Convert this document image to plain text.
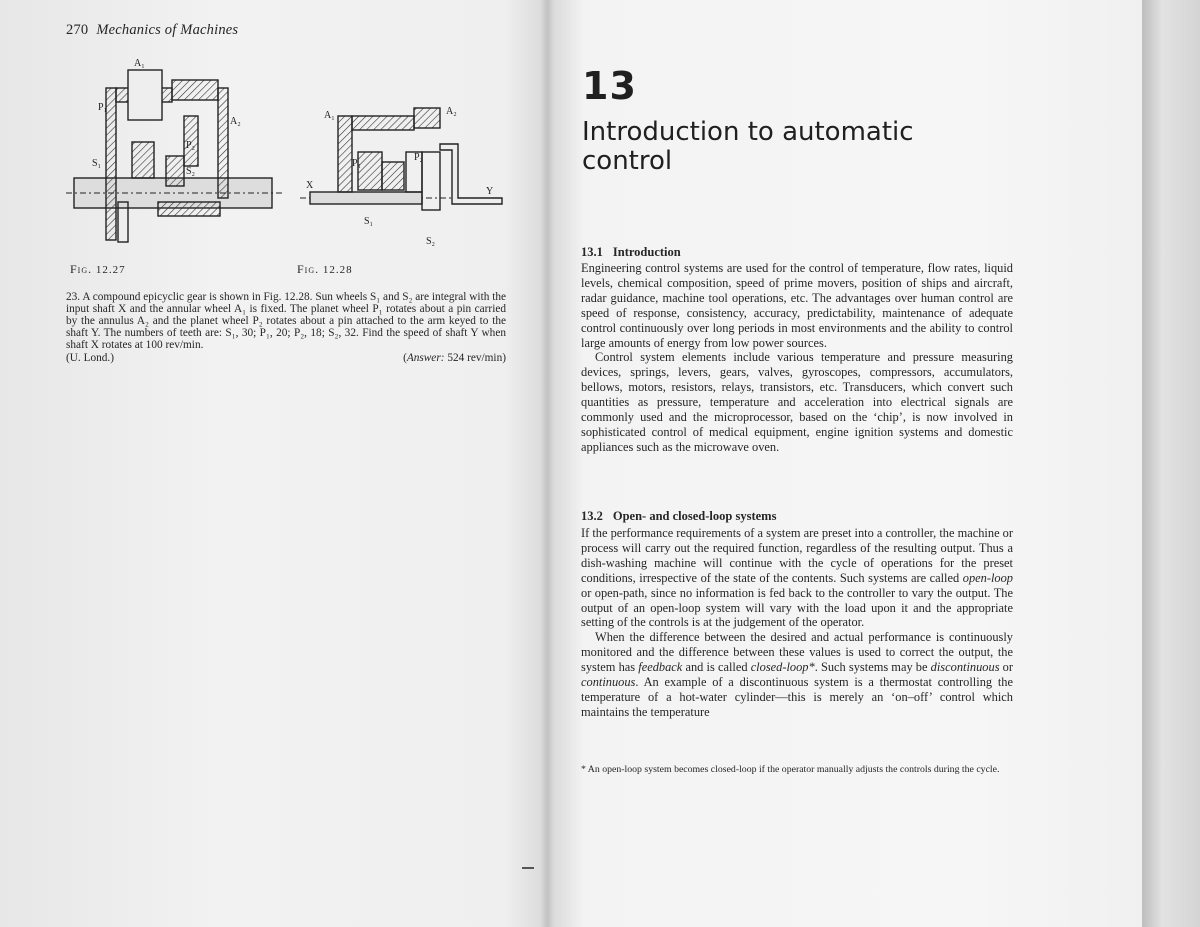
270 Mechanics of Machines
A₁
P₁
A₂
S₁
P₂
S₂
A₁	A₂
P₁
P₂
X
Y
S₁
S₂
Fig. 12.27	Fig. 12.28
23. A compound epicyclic gear is shown in Fig. 12.28. Sun wheels S₁ and S₂ are integral with the input shaft X and the annular wheel A₁ is fixed. The planet wheel P₁ rotates about a pin carried by the annulus A₂ and the planet wheel P₂ rotates about a pin attached to the arm keyed to the shaft Y. The numbers of teeth are: S₁, 30; P₁, 20; P₂, 18; S₂, 32. Find the speed of shaft Y when shaft X rotates at 100 rev/min.
(U. Lond.)	(Answer: 524 rev/min)
13
Introduction to automatic control
13.1 Introduction

Engineering control systems are used for the control of temperature, flow rates, liquid levels, chemical composition, speed of prime movers, position of ships and aircraft, radar guidance, machine tool operations, etc. The advantages over human control are speed of response, consistency, accuracy, predictability, maintenance of adequate control continuously over long periods in most environments and the ability to control large amounts of energy from low power sources.

Control system elements include various temperature and pressure measuring devices, springs, levers, gears, valves, gyroscopes, compressors, accumulators, bellows, motors, resistors, relays, transistors, etc. Transducers, which convert such quantities as pressure, temperature and acceleration into electrical signals are commonly used and the microprocessor, based on the ‘chip’, is now involved in sophisticated control of medical equipment, engine ignition systems and domestic appliances such as the microwave oven.

13.2 Open- and closed-loop systems

If the performance requirements of a system are preset into a controller, the machine or process will carry out the required function, regardless of the resulting output. Thus a dish-washing machine will continue with the cycle of operations for the preset conditions, irrespective of the state of the contents. Such systems are called open-loop or open-path, since no information is fed back to the controller to vary the output. The output of an open-loop system will vary with the load upon it and the appropriate setting of the controls is at the judgement of the operator.

When the difference between the desired and actual performance is continuously monitored and the difference between these values is used to correct the output, the system has feedback and is called closed-loop*. Such systems may be discontinuous or continuous. An example of a discontinuous system is a thermostat controlling the temperature of a hot-water cylinder—this is merely an ‘on–off’ control which maintains the temperature

* An open-loop system becomes closed-loop if the operator manually adjusts the controls during the cycle.
